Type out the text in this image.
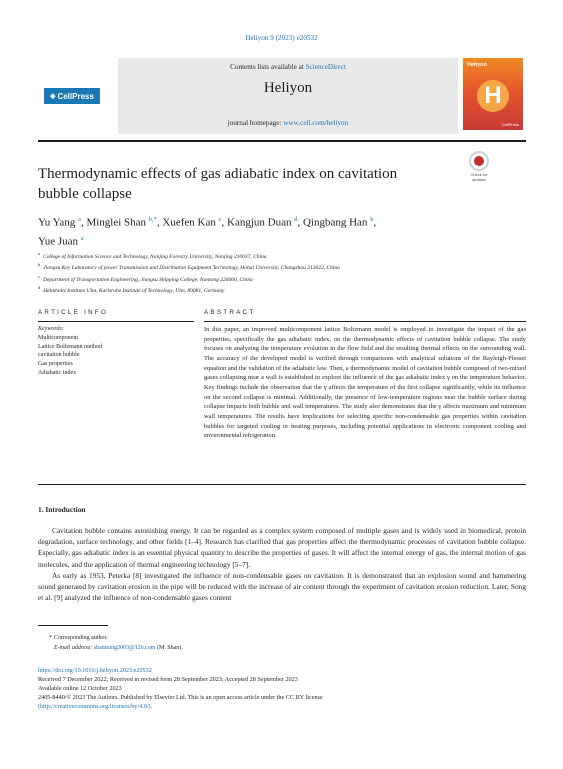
Heliyon 9 (2023) e20532
◈ CellPress
Contents lists available at ScienceDirect
Heliyon
journal homepage: www.cell.com/heliyon
Heliyon
H
CellPress
Thermodynamic effects of gas adiabatic index on cavitation bubble collapse
Check for updates
Yu Yang $^a$, Minglei Shan $^{b,*}$, Xuefen Kan $^c$, Kangjun Duan $^d$, Qingbang Han $^b$,
Yue Juan $^a$
$^a$College of Information Science and Technology, Nanjing Forestry University, Nanjing 210037, China
$^b$Jiangsu Key Laboratory of power Transmission and Distribution Equipment Technology, Hohai University, Changzhou 213022, China
$^c$Department of Transportation Engineering, Jiangsu Shipping College, Nantong 226000, China
$^d$Helmholtz Institute Ulm, Karlsruhe Institute of Technology, Ulm, 89081, Germany
ARTICLE INFO	ABSTRACT
Keywords:
Multicomponent
Lattice Boltzmann method
cavitation bubble
Gas properties
Adiabatic index
In this paper, an improved multicomponent lattice Boltzmann model is employed to investigate the impact of the gas properties, specifically the gas adiabatic index, on the thermodynamic effects of cavitation bubble collapse. The study focuses on analyzing the temperature evolution in the flow field and the resulting thermal effects on the surrounding wall. The accuracy of the developed model is verified through comparisons with analytical solutions of the Rayleigh-Plesset equation and the validation of the adiabatic law. Then, a thermodynamic model of cavitation bubble composed of two-mixed gases collapsing near a wall is established to explore the influence of the gas adiabatic index γ on the temperature behavior. Key findings include the observation that the γ affects the temperature of the first collapse significantly, while its influence on the second collapse is minimal. Additionally, the presence of low-temperature regions near the bubble surface during collapse impacts both bubble and wall temperatures. The study also demonstrates that the γ affects maximum and minimum wall temperatures. The results have implications for selecting specific non-condensable gas properties within cavitation bubbles for targeted cooling or heating purposes, including potential applications in electronic component cooling and environmental refrigeration.
1. Introduction

Cavitation bubble contains astonishing energy. It can be regarded as a complex system composed of multiple gases and is widely used in biomedical, protein degradation, surface technology, and other fields [1–4]. Research has clarified that gas properties affect the thermodynamic processes of cavitation bubble collapse. Especially, gas adiabatic index is an essential physical quantity to describe the properties of gases. It will affect the internal energy of gas, the internal motion of gas molecules, and the application of thermal engineering technology [5–7].

As early as 1953, Peterka [8] investigated the influence of non-condensable gases on cavitation. It is demonstrated that an explosion sound and hammering sound generated by cavitation erosion in the pipe will be reduced with the increase of air content through the experiment of cavitation erosion reduction. Later, Song et al. [9] analyzed the influence of non-condensable gases content

* Corresponding author.
E-mail address: shanming2003@126.com (M. Shan).
https://doi.org/10.1016/j.heliyon.2023.e20532
Received 7 December 2022; Received in revised form 28 September 2023; Accepted 28 September 2023
Available online 12 October 2023
2405-8440/© 2023 The Authors. Published by Elsevier Ltd. This is an open access article under the CC BY license
(http://creativecommons.org/licenses/by/4.0/).
